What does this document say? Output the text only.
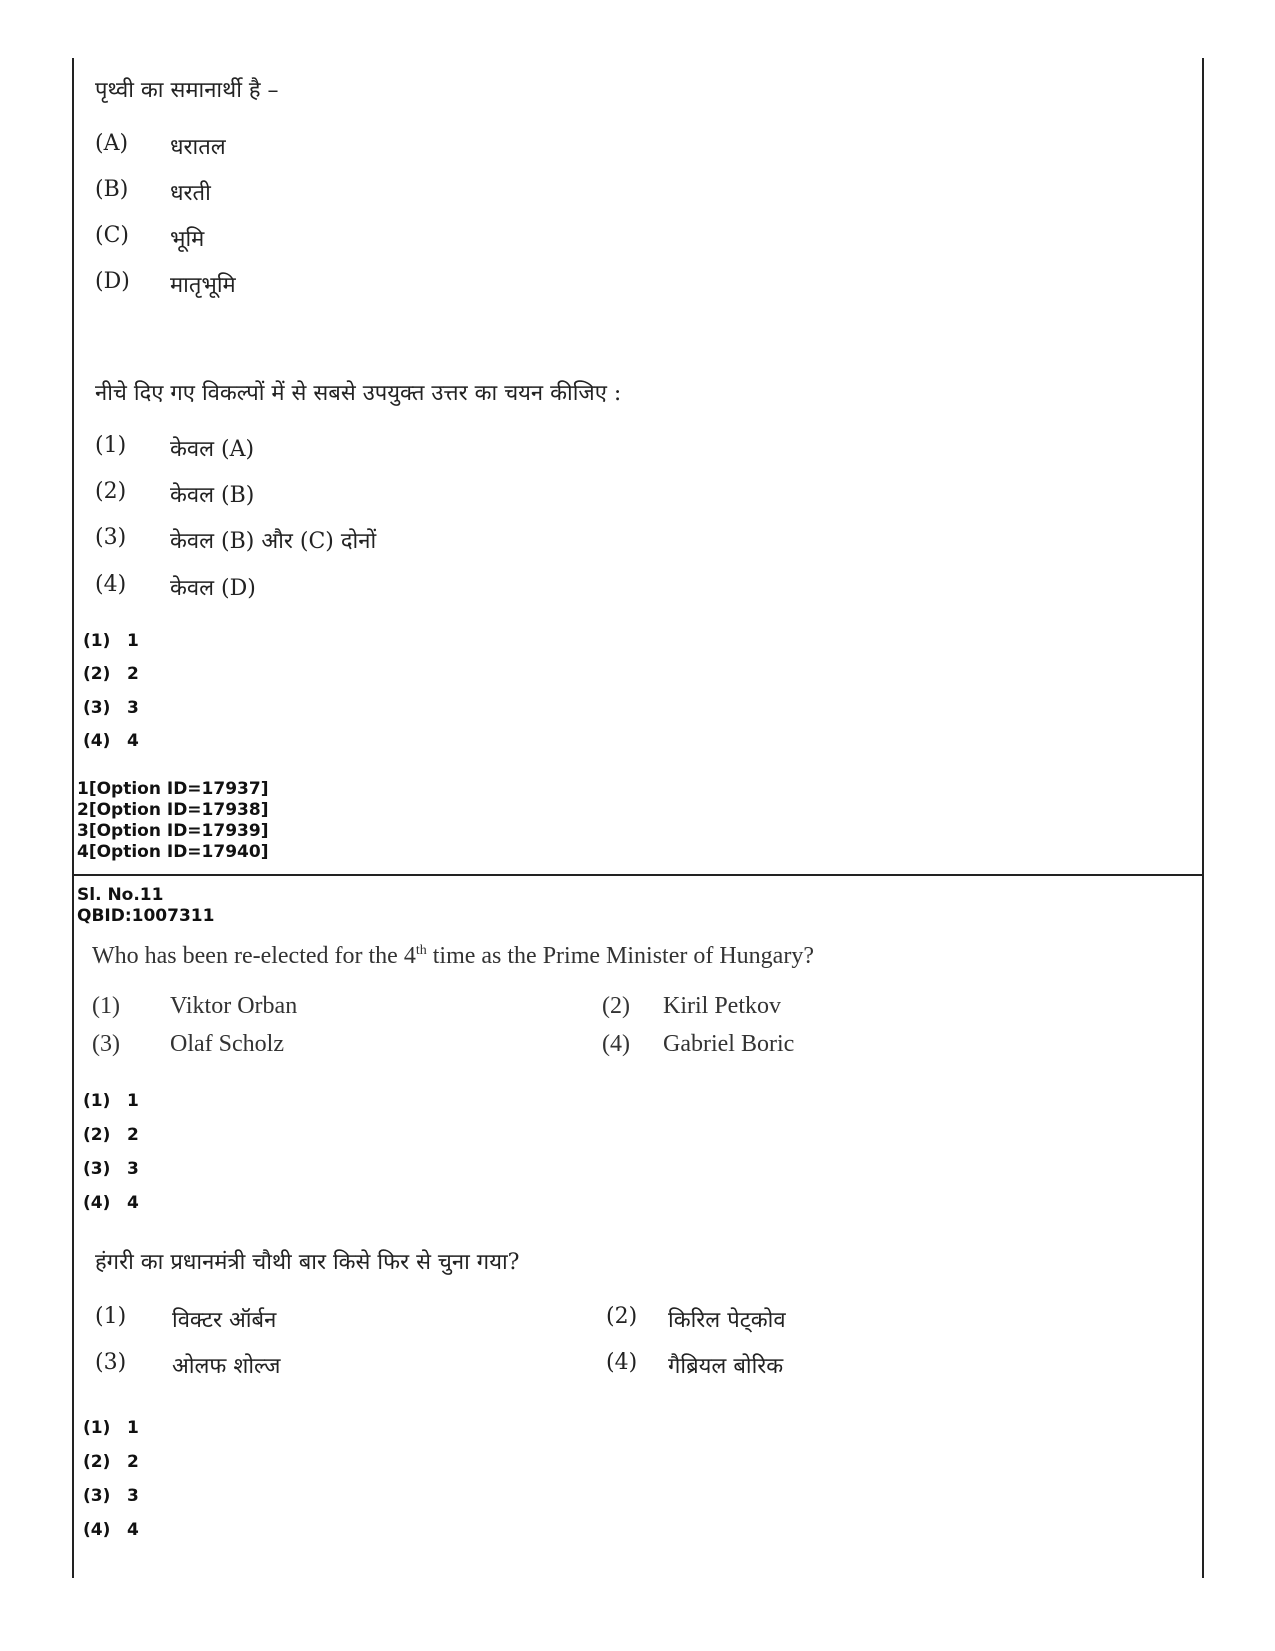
पृथ्वी का समानार्थी है –
(A) धरातल
(B) धरती
(C) भूमि
(D) मातृभूमि
नीचे दिए गए विकल्पों में से सबसे उपयुक्त उत्तर का चयन कीजिए :
(1) केवल (A)
(2) केवल (B)
(3) केवल (B) और (C) दोनों
(4) केवल (D)
(1) 1
(2) 2
(3) 3
(4) 4
1[Option ID=17937]
2[Option ID=17938]
3[Option ID=17939]
4[Option ID=17940]
Sl. No.11
QBID:1007311
Who has been re-elected for the 4th time as the Prime Minister of Hungary?
(1) Viktor Orban	(2) Kiril Petkov
(3) Olaf Scholz	(4) Gabriel Boric
(1) 1
(2) 2
(3) 3
(4) 4
हंगरी का प्रधानमंत्री चौथी बार किसे फिर से चुना गया?
(1) विक्टर ऑर्बन	(2) किरिल पेट्कोव
(3) ओलफ शोल्ज	(4) गैब्रियल बोरिक
(1) 1
(2) 2
(3) 3
(4) 4
